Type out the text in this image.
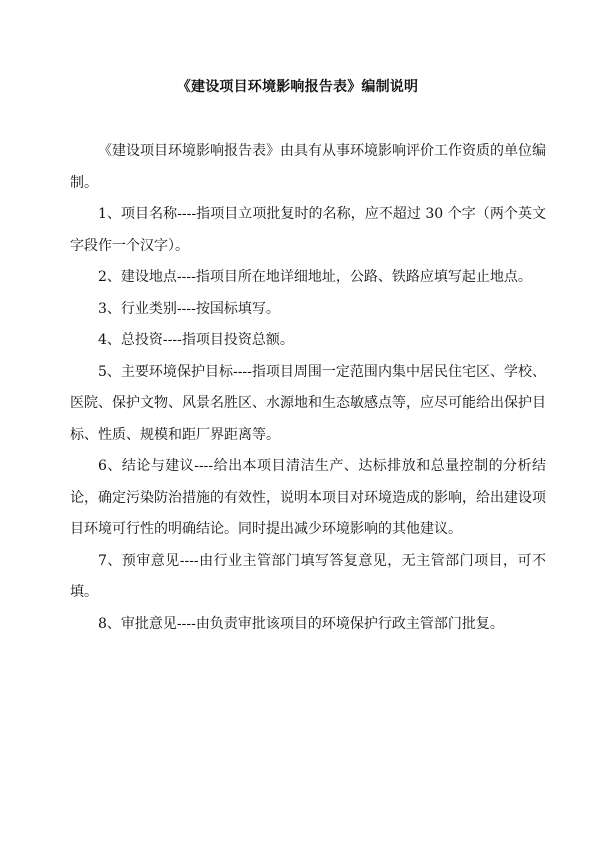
《建设项目环境影响报告表》编制说明

《建设项目环境影响报告表》由具有从事环境影响评价工作资质的单位编制。

1、项目名称----指项目立项批复时的名称，应不超过 30 个字（两个英文字段作一个汉字）。

2、建设地点----指项目所在地详细地址，公路、铁路应填写起止地点。

3、行业类别----按国标填写。

4、总投资----指项目投资总额。

5、主要环境保护目标----指项目周围一定范围内集中居民住宅区、学校、医院、保护文物、风景名胜区、水源地和生态敏感点等，应尽可能给出保护目标、性质、规模和距厂界距离等。

6、结论与建议----给出本项目清洁生产、达标排放和总量控制的分析结论，确定污染防治措施的有效性，说明本项目对环境造成的影响，给出建设项目环境可行性的明确结论。同时提出减少环境影响的其他建议。

7、预审意见----由行业主管部门填写答复意见，无主管部门项目，可不填。

8、审批意见----由负责审批该项目的环境保护行政主管部门批复。
